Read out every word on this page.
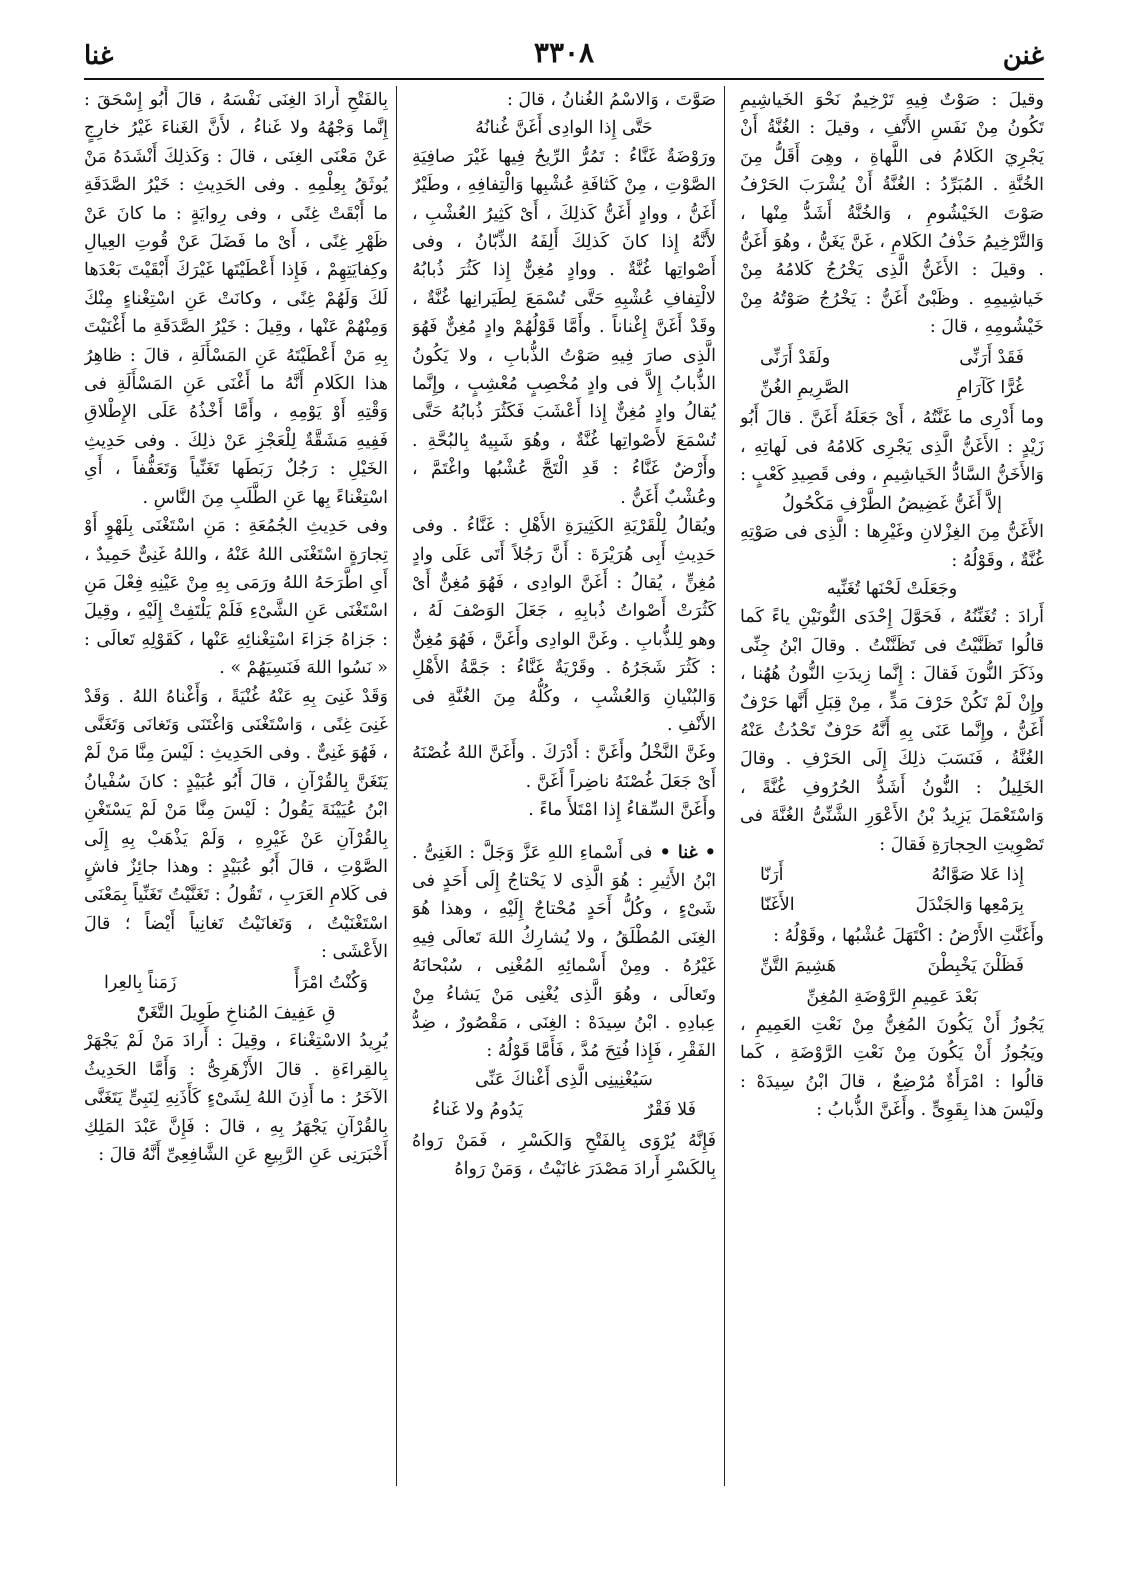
غنن
٣٣٠٨
غنا

وقيلَ : صَوْتٌ فِيهِ تَرْخِيمٌ نَحْوَ الخَياشِيمِ تَكُونُ مِنْ نَفَسِ الأَنْفِ ، وقيلَ : الغُنَّةُ أَنْ يَجْرِيَ الكَلامُ فى اللَّهاةِ ، وهِىَ أَقَلُّ مِنَ الخُنَّةِ . المُبَرِّدُ : الغُنَّةُ أَنْ يُشْرَبَ الحَرْفُ صَوْتَ الخَيْشُومِ ، وَالخُنَّةُ أَشَدُّ مِنْها ، وَالتَّرْخِيمُ حَذْفُ الكَلامِ ، غَنَّ يَغَنُّ ، وهُوَ أَغَنُّ . وقيلَ : الأَغَنُّ الَّذِى يَخْرُجُ كَلامُهُ مِنْ خَياشِيمِهِ . وظَبْىٌ أَغَنُّ : يَخْرُجُ صَوْتُهُ مِنْ خَيْشُومِهِ ، قالَ :

فَقَدْ أَرَنِّى
ولَقَدْ أَرَنِّى
غُرًّا كَآرَامِ
الصَّرِيمِ الغُنِّ

وما أَدْرِى ما غَنَّتُهُ ، أَىْ جَعَلَهُ أَغَنَّ . قالَ أَبُو زَيْدٍ : الأَغَنُّ الَّذِى يَجْرِى كَلامُهُ فى لَهاتِهِ ، وَالأَخَنُّ السَّادُّ الخَياشِيمِ ، وفى قَصِيدِ كَعْبٍ :

إلاَّ أَغَنُّ غَضِيضُ الطَّرْفِ مَكْحُولُ

الأَغَنُّ مِنَ الغِزْلانِ وغَيْرِها : الَّذِى فى صَوْتِهِ غُنَّةٌ ، وقَوْلُهُ :

وجَعَلَتْ لَحْنَها تُغَنِّيه

أَرادَ : تُغَنِّنُهُ ، فَحَوَّلَ إِحْدَى النُّونَيْنِ ياءً كَما قالُوا تَظَنَّيْتُ فى تَظَنَّنْتُ . وقالَ ابْنُ جِنِّى وذَكَرَ النُّونَ فَقالَ : إِنَّما زِيدَتِ النُّونُ هُهُنا ، وإِنْ لَمْ تَكُنْ حَرْفَ مَدٍّ ، مِنْ قِبَلِ أَنَّها حَرْفٌ أَغَنُّ ، وإِنَّما عَنَى بِهِ أَنَّهُ حَرْفٌ تَحْدُثُ عَنْهُ الغُنَّةُ ، فَنَسَبَ ذلِكَ إِلَى الحَرْفِ . وقالَ الخَلِيلُ : النُّونُ أَشَدُّ الحُرُوفِ غُنَّةً ، وَاسْتَعْمَلَ يَزِيدُ بْنُ الأَعْوَرِ الشَّنِّىُّ الغُنَّةَ فى تَصْوِيتِ الحِجارَةِ فَقالَ :

إِذا عَلا صَوَّانُهُ
أَرَنّا
بِرَمْعِها وَالجَنْدَلَ
الأَغَنّا

وأَغَنَّتِ الأَرْضُ : اكْتَهَلَ عُشْبُها ، وقَوْلُهُ :

فَظَلْنَ يَخْبِطْنَ
هَشِيمَ التَّنِّ

بَعْدَ عَمِيمِ الرَّوْضَةِ المُغِنِّ

يَجُوزُ أَنْ يَكُونَ المُغِنُّ مِنْ نَعْتِ العَمِيمِ ، ويَجُوزُ أَنْ يَكُونَ مِنْ نَعْتِ الرَّوْضَةِ ، كَما قالُوا : امْرَأَةٌ مُرْضِعٌ ، قالَ ابْنُ سِيدَهْ : ولَيْسَ هذا بِقَوِىٍّ . وأَغَنَّ الذُّبابُ :

صَوَّتَ ، وَالاسْمُ الغُنانُ ، قالَ :

حَتَّى إِذا الوادِى أَغَنَّ غُنانُهُ

ورَوْضَةٌ غَنَّاءُ : تَمُرُّ الرِّيحُ فِيها غَيْرَ صافِيَةِ الصَّوْتِ ، مِنْ كَثافَةِ عُشْبِها وَالْتِفافِهِ ، وطَيْرٌ أَغَنُّ ، ووادٍ أَغَنُّ كَذلِكَ ، أَىْ كَثِيرُ العُشْبِ ، لأَنَّهُ إِذا كانَ كَذلِكَ أَلِفَهُ الذِّبّانُ ، وفى أَصْواتِها غُنَّةٌ . ووادٍ مُغِنٌّ إِذا كَثُرَ ذُبابُهُ لالْتِفافِ عُشْبِهِ حَتَّى تُسْمَعَ لِطَيَرانِها غُنَّةٌ ، وقَدْ أَغَنَّ إِغْناناً . وأَمَّا قَوْلُهُمْ وادٍ مُغِنٌّ فَهُوَ الَّذِى صارَ فِيهِ صَوْتُ الذُّبابِ ، ولا يَكُونُ الذُّبابُ إِلاَّ فى وادٍ مُخْصِبٍ مُعْشِبٍ ، وإِنَّما يُقالُ وادٍ مُغِنٌّ إِذا أَعْشَبَ فَكَثُرَ ذُبابُهُ حَتَّى تُسْمَعَ لأَصْواتِها غُنَّةٌ ، وهُوَ شَبِيهٌ بِالبُحَّةِ . وأَرْضٌ غَنَّاءُ : قَدِ الْتَجَّ عُشْبُها واغْتَمَّ ، وعُشْبٌ أَغَنُّ .

ويُقالُ لِلْقَرْيَةِ الكَثِيرَةِ الأَهْلِ : غَنَّاءُ . وفى حَدِيثِ أَبِى هُرَيْرَةَ : أَنَّ رَجُلاً أَتَى عَلَى وادٍ مُغِنٍّ ، يُقالُ : أَغَنَّ الوادِى ، فَهُوَ مُغِنٌّ أَىْ كَثُرَتْ أَصْواتُ ذُبابِهِ ، جَعَلَ الوَصْفَ لَهُ ، وهو لِلذُّبابِ . وغَنَّ الوادِى وأَغَنَّ ، فَهُوَ مُغِنٌّ : كَثُرَ شَجَرُهُ . وقَرْيَةٌ غَنَّاءُ : جَمَّةُ الأَهْلِ وَالبُنْيانِ وَالعُشْبِ ، وكُلُّهُ مِنَ الغُنَّةِ فى الأَنْفِ .

وغَنَّ النَّخْلُ وأَغَنَّ : أَدْرَكَ . وأَغَنَّ اللهُ غُصْنَهُ أَىْ جَعَلَ غُصْنَهُ ناضِراً أَغَنَّ .

وأَغَنَّ السِّقاءُ إِذا امْتَلأَ ماءً .

• غنا • فى أَسْماءِ اللهِ عَزَّ وَجَلَّ : الغَنِىُّ . ابْنُ الأَثِيرِ : هُوَ الَّذِى لا يَحْتاجُ إِلَى أَحَدٍ فى شَىْءٍ ، وكُلُّ أَحَدٍ مُحْتاجٌ إِلَيْهِ ، وهذا هُوَ الغِنَى المُطْلَقُ ، ولا يُشارِكُ اللهَ تَعالَى فِيهِ غَيْرُهُ . ومِنْ أَسْمائِهِ المُغْنِى ، سُبْحانَهُ وتَعالَى ، وهُوَ الَّذِى يُغْنِى مَنْ يَشاءُ مِنْ عِبادِهِ . ابْنُ سِيدَهْ : الغِنَى ، مَقْصُورٌ ، ضِدُّ الفَقْرِ ، فَإِذا فُتِحَ مُدَّ ، فَأَمَّا قَوْلُهُ :

سَيُغْنِينِى الَّذِى أَغْناكَ عَنِّى

فَلا فَقْرٌ
يَدُومُ ولا غَناءُ

فَإِنَّهُ يُرْوَى بِالفَتْحِ وَالكَسْرِ ، فَمَنْ رَواهُ بِالكَسْرِ أَرادَ مَصْدَرَ غانَيْتُ ، وَمَنْ رَواهُ

بِالفَتْحِ أَرادَ الغِنَى نَفْسَهُ ، قالَ أَبُو إِسْحَقَ : إِنَّما وَجْهُهُ ولا غَناءُ ، لأَنَّ الغَناءَ غَيْرُ خارِجٍ عَنْ مَعْنَى الغِنَى ، قالَ : وَكَذلِكَ أَنْشَدَهُ مَنْ يُوثَقُ بِعِلْمِهِ . وفى الحَدِيثِ : خَيْرُ الصَّدَقَةِ ما أَبْقَتْ غِنًى ، وفى رِوايَةٍ : ما كانَ عَنْ ظَهْرِ غِنًى ، أَىْ ما فَضَلَ عَنْ قُوتِ العِيالِ وكِفايَتِهِمْ ، فَإِذا أَعْطَيْتَها غَيْرَكَ أَبْقَيْتَ بَعْدَها لَكَ وَلَهُمْ غِنًى ، وكانَتْ عَنِ اسْتِغْناءٍ مِنْكَ وَمِنْهُمْ عَنْها ، وقِيلَ : خَيْرُ الصَّدَقَةِ ما أَغْنَيْتَ بِهِ مَنْ أَعْطَيْتَهُ عَنِ المَسْأَلَةِ ، قالَ : ظاهِرُ هذا الكَلامِ أَنَّهُ ما أَغْنَى عَنِ المَسْأَلَةِ فى وَقْتِهِ أَوْ يَوْمِهِ ، وأَمَّا أَخْذُهُ عَلَى الإِطْلاقِ فَفِيهِ مَشَقَّةٌ لِلْعَجْزِ عَنْ ذلِكَ . وفى حَدِيثِ الخَيْلِ : رَجُلٌ رَبَطَها تَغَنِّياً وَتَعَفُّفاً ، أَىِ اسْتِغْناءً بِها عَنِ الطَّلَبِ مِنَ النَّاسِ .

وفى حَدِيثِ الجُمُعَةِ : مَنِ اسْتَغْنَى بِلَهْوٍ أَوْ تِجارَةٍ اسْتَغْنَى اللهُ عَنْهُ ، واللهُ غَنِىٌّ حَمِيدٌ ، أَىِ اطَّرَحَهُ اللهُ ورَمَى بِهِ مِنْ عَيْنِهِ فِعْلَ مَنِ اسْتَغْنَى عَنِ الشَّىْءِ فَلَمْ يَلْتَفِتْ إِلَيْهِ ، وقِيلَ : جَزاهُ جَزاءَ اسْتِغْنائِهِ عَنْها ، كَقَوْلِهِ تَعالَى : « نَسُوا اللهَ فَنَسِيَهُمْ » .

وَقَدْ غَنِىَ بِهِ عَنْهُ غُنْيَةً ، وَأَغْناهُ اللهُ . وَقَدْ غَنِىَ غِنًى ، وَاسْتَغْنَى وَاغْتَنَى وَتَغانَى وَتَغَنَّى ، فَهُوَ غَنِىٌّ . وفى الحَدِيثِ : لَيْسَ مِنَّا مَنْ لَمْ يَتَغَنَّ بِالقُرْآنِ ، قالَ أَبُو عُبَيْدٍ : كانَ سُفْيانُ ابْنُ عُيَيْنَةَ يَقُولُ : لَيْسَ مِنَّا مَنْ لَمْ يَسْتَغْنِ بِالقُرْآنِ عَنْ غَيْرِهِ ، وَلَمْ يَذْهَبْ بِهِ إِلَى الصَّوْتِ ، قالَ أَبُو عُبَيْدٍ : وهذا جائِزٌ فاشٍ فى كَلامِ العَرَبِ ، تَقُولُ : تَغَنَّيْتُ تَغَنِّياً بِمَعْنَى اسْتَغْنَيْتُ ، وَتَغانَيْتُ تَغانِياً أَيْضاً ؛ قالَ الأَعْشَى :

وَكُنْتُ امْرَأً
زَمَناً بِالعِرا

قِ عَفِيفَ المُناخِ طَوِيلَ التَّغَنّْ

يُرِيدُ الاسْتِغْناءَ ، وقِيلَ : أَرادَ مَنْ لَمْ يَجْهَرْ بِالقِراءَةِ . قالَ الأَزْهَرِىُّ : وَأَمَّا الحَدِيثُ الآخَرُ : ما أَذِنَ اللهُ لِشَىْءٍ كَأَذَنِهِ لِنَبِىٍّ يَتَغَنَّى بِالقُرْآنِ يَجْهَرُ بِهِ ، قالَ : فَإِنَّ عَبْدَ المَلِكِ أَخْبَرَنِى عَنِ الرَّبِيعِ عَنِ الشَّافِعِىِّ أَنَّهُ قالَ :
